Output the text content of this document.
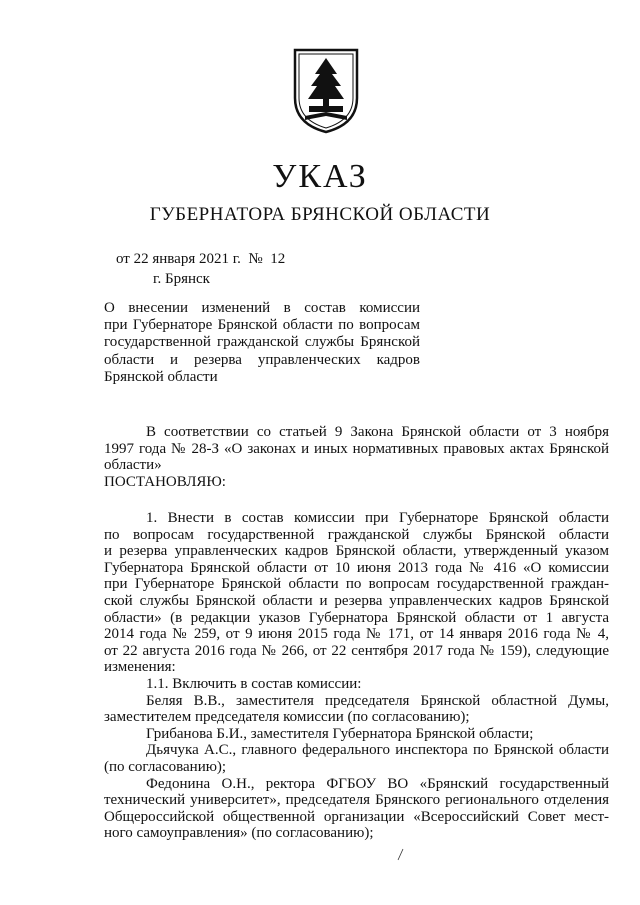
УКАЗ
ГУБЕРНАТОРА БРЯНСКОЙ ОБЛАСТИ
от 22 января 2021 г.  №  12
г. Брянск
О внесении изменений в состав комиссии
при Губернаторе Брянской области по вопросам
государственной гражданской службы Брянской
области и резерва управленческих кадров
Брянской области
В соответствии со статьей 9 Закона Брянской области от 3 ноября
1997 года № 28-З «О законах и иных нормативных правовых актах Брянской
области»
ПОСТАНОВЛЯЮ:
1. Внести в состав комиссии при Губернаторе Брянской области
по вопросам государственной гражданской службы Брянской области
и резерва управленческих кадров Брянской области, утвержденный указом
Губернатора Брянской области от 10 июня 2013 года № 416 «О комиссии
при Губернаторе Брянской области по вопросам государственной граждан-
ской службы Брянской области и резерва управленческих кадров Брянской
области» (в редакции указов Губернатора Брянской области от 1 августа
2014 года № 259, от 9 июня 2015 года № 171, от 14 января 2016 года № 4,
от 22 августа 2016 года № 266, от 22 сентября 2017 года № 159), следующие
изменения:
1.1. Включить в состав комиссии:
Беляя В.В., заместителя председателя Брянской областной Думы,
заместителем председателя комиссии (по согласованию);
Грибанова Б.И., заместителя Губернатора Брянской области;
Дьячука А.С., главного федерального инспектора по Брянской области
(по согласованию);
Федонина О.Н., ректора ФГБОУ ВО «Брянский государственный
технический университет», председателя Брянского регионального отделения
Общероссийской общественной организации «Всероссийский Совет мест-
ного самоуправления» (по согласованию);
